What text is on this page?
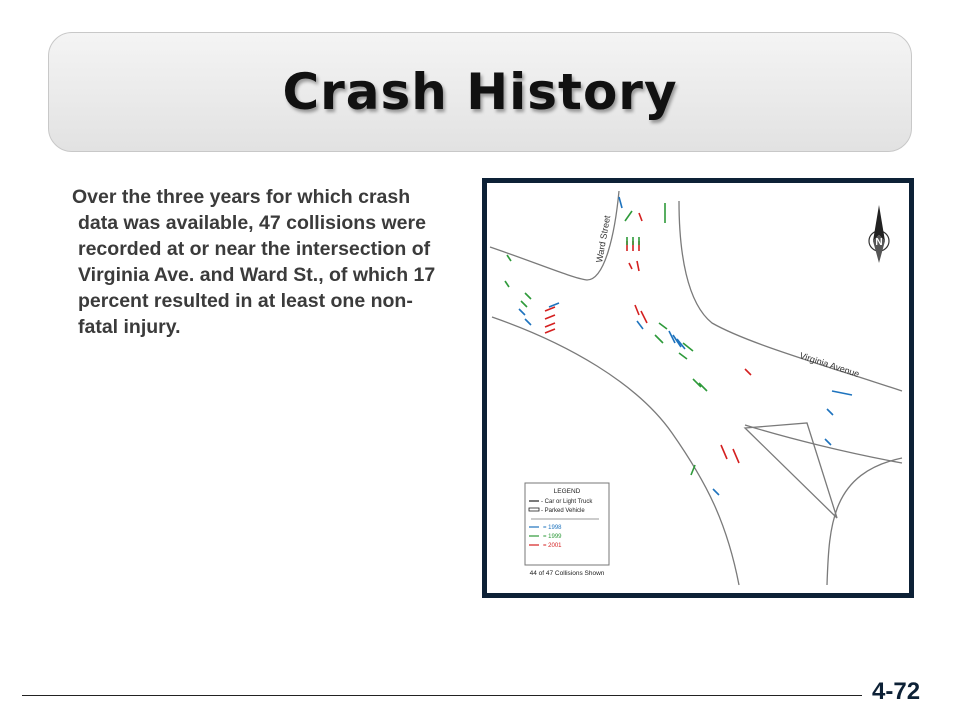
Crash History

Over the three years for which crash data was available, 47 collisions were recorded at or near the intersection of Virginia Ave. and Ward St., of which 17 percent resulted in at least one non-fatal injury.

Ward Street
Virginia Avenue
N
LEGEND
- Car or Light Truck
- Parked Vehicle
= 1998
= 1999
= 2001
44 of 47 Collisions Shown
4-72
